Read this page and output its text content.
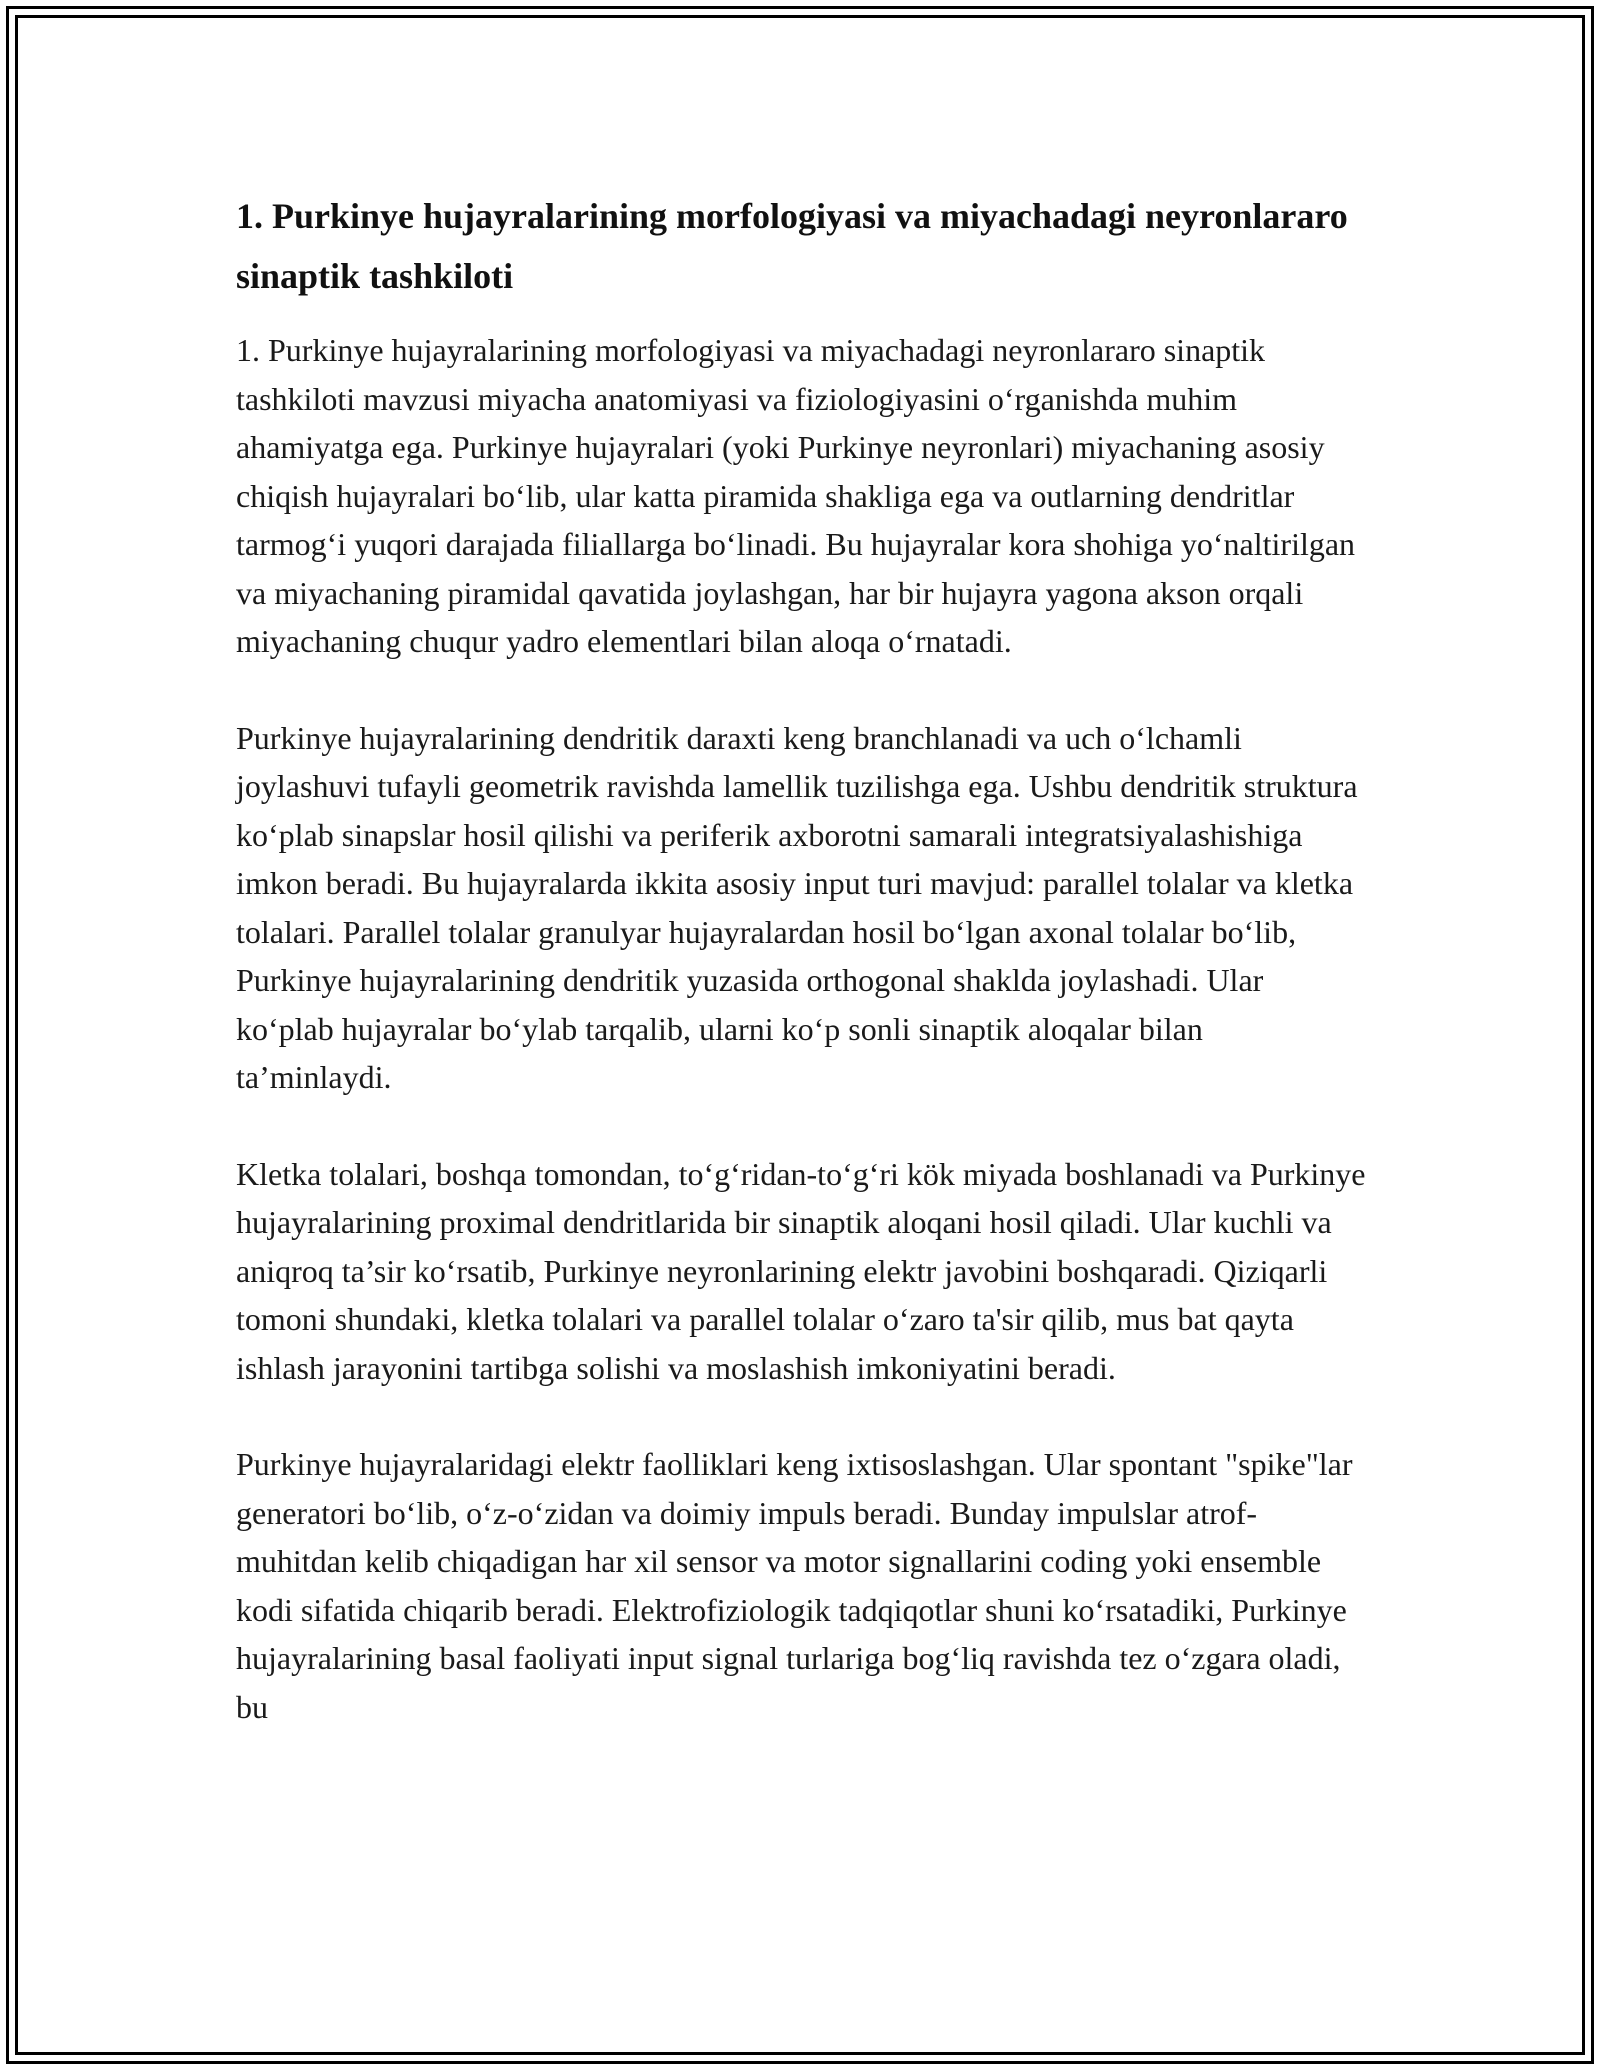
1. Purkinye hujayralarining morfologiyasi va miyachadagi neyronlararo sinaptik tashkiloti

1. Purkinye hujayralarining morfologiyasi va miyachadagi neyronlararo sinaptik tashkiloti mavzusi miyacha anatomiyasi va fiziologiyasini o‘rganishda muhim ahamiyatga ega. Purkinye hujayralari (yoki Purkinye neyronlari) miyachaning asosiy chiqish hujayralari bo‘lib, ular katta piramida shakliga ega va outlarning dendritlar tarmog‘i yuqori darajada filiallarga bo‘linadi. Bu hujayralar kora shohiga yo‘naltirilgan va miyachaning piramidal qavatida joylashgan, har bir hujayra yagona akson orqali miyachaning chuqur yadro elementlari bilan aloqa o‘rnatadi.

Purkinye hujayralarining dendritik daraxti keng branchlanadi va uch o‘lchamli joylashuvi tufayli geometrik ravishda lamellik tuzilishga ega. Ushbu dendritik struktura ko‘plab sinapslar hosil qilishi va periferik axborotni samarali integratsiyalashishiga imkon beradi. Bu hujayralarda ikkita asosiy input turi mavjud: parallel tolalar va kletka tolalari. Parallel tolalar granulyar hujayralardan hosil bo‘lgan axonal tolalar bo‘lib, Purkinye hujayralarining dendritik yuzasida orthogonal shakldа joylashadi. Ular ko‘plab hujayralar bo‘ylab tarqalib, ularni ko‘p sonli sinaptik aloqalar bilan ta’minlaydi.

Kletka tolalari, boshqa tomondan, to‘g‘ridan-to‘g‘ri kök miyada boshlanadi va Purkinye hujayralarining proximal dendritlarida bir sinaptik aloqani hosil qiladi. Ular kuchli va aniqroq ta’sir ko‘rsatib, Purkinye neyronlarining elektr javobini boshqaradi. Qiziqarli tomoni shundaki, kletka tolalari va parallel tolalar o‘zaro ta'sir qilib, mus bat qayta ishlash jarayonini tartibga solishi va moslashish imkoniyatini beradi.

Purkinye hujayralaridagi elektr faolliklari keng ixtisoslashgan. Ular spontant "spike"lar generatori bo‘lib, o‘z-o‘zidan va doimiy impuls beradi. Bunday impulslar atrof-muhitdan kelib chiqadigan har xil sensor va motor signallarini coding yoki ensemble kodi sifatida chiqarib beradi. Elektrofiziologik tadqiqotlar shuni ko‘rsatadiki, Purkinye hujayralarining basal faoliyati input signal turlariga bog‘liq ravishda tez o‘zgara oladi, bu
